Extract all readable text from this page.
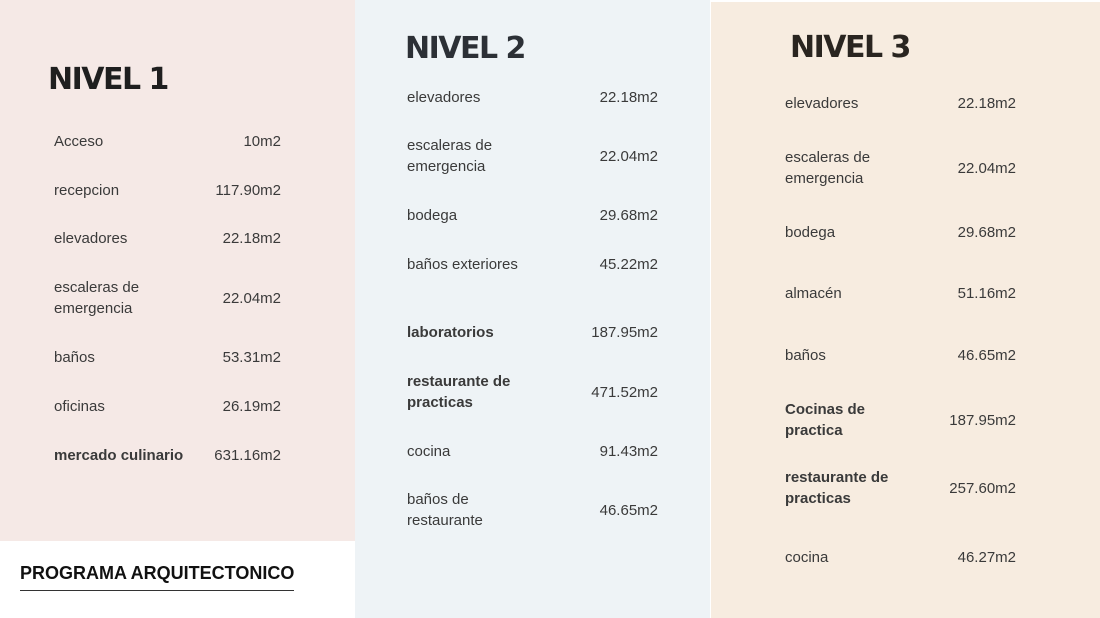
NIVEL 1
Acceso	10m2
recepcion	117.90m2
elevadores	22.18m2
escaleras de emergencia
22.04m2
baños	53.31m2
oficinas	26.19m2
mercado culinario 631.16m2
NIVEL 2
elevadores	22.18m2
escaleras de emergencia
22.04m2
bodega	29.68m2
baños exteriores	45.22m2
laboratorios	187.95m2
restaurante de practicas
471.52m2
cocina	91.43m2
baños de restaurante
46.65m2
NIVEL 3
elevadores	22.18m2
escaleras de emergencia
22.04m2
bodega	29.68m2
almacén	51.16m2
baños	46.65m2
Cocinas de practica
187.95m2
restaurante de practicas
257.60m2
cocina	46.27m2
PROGRAMA ARQUITECTONICO
